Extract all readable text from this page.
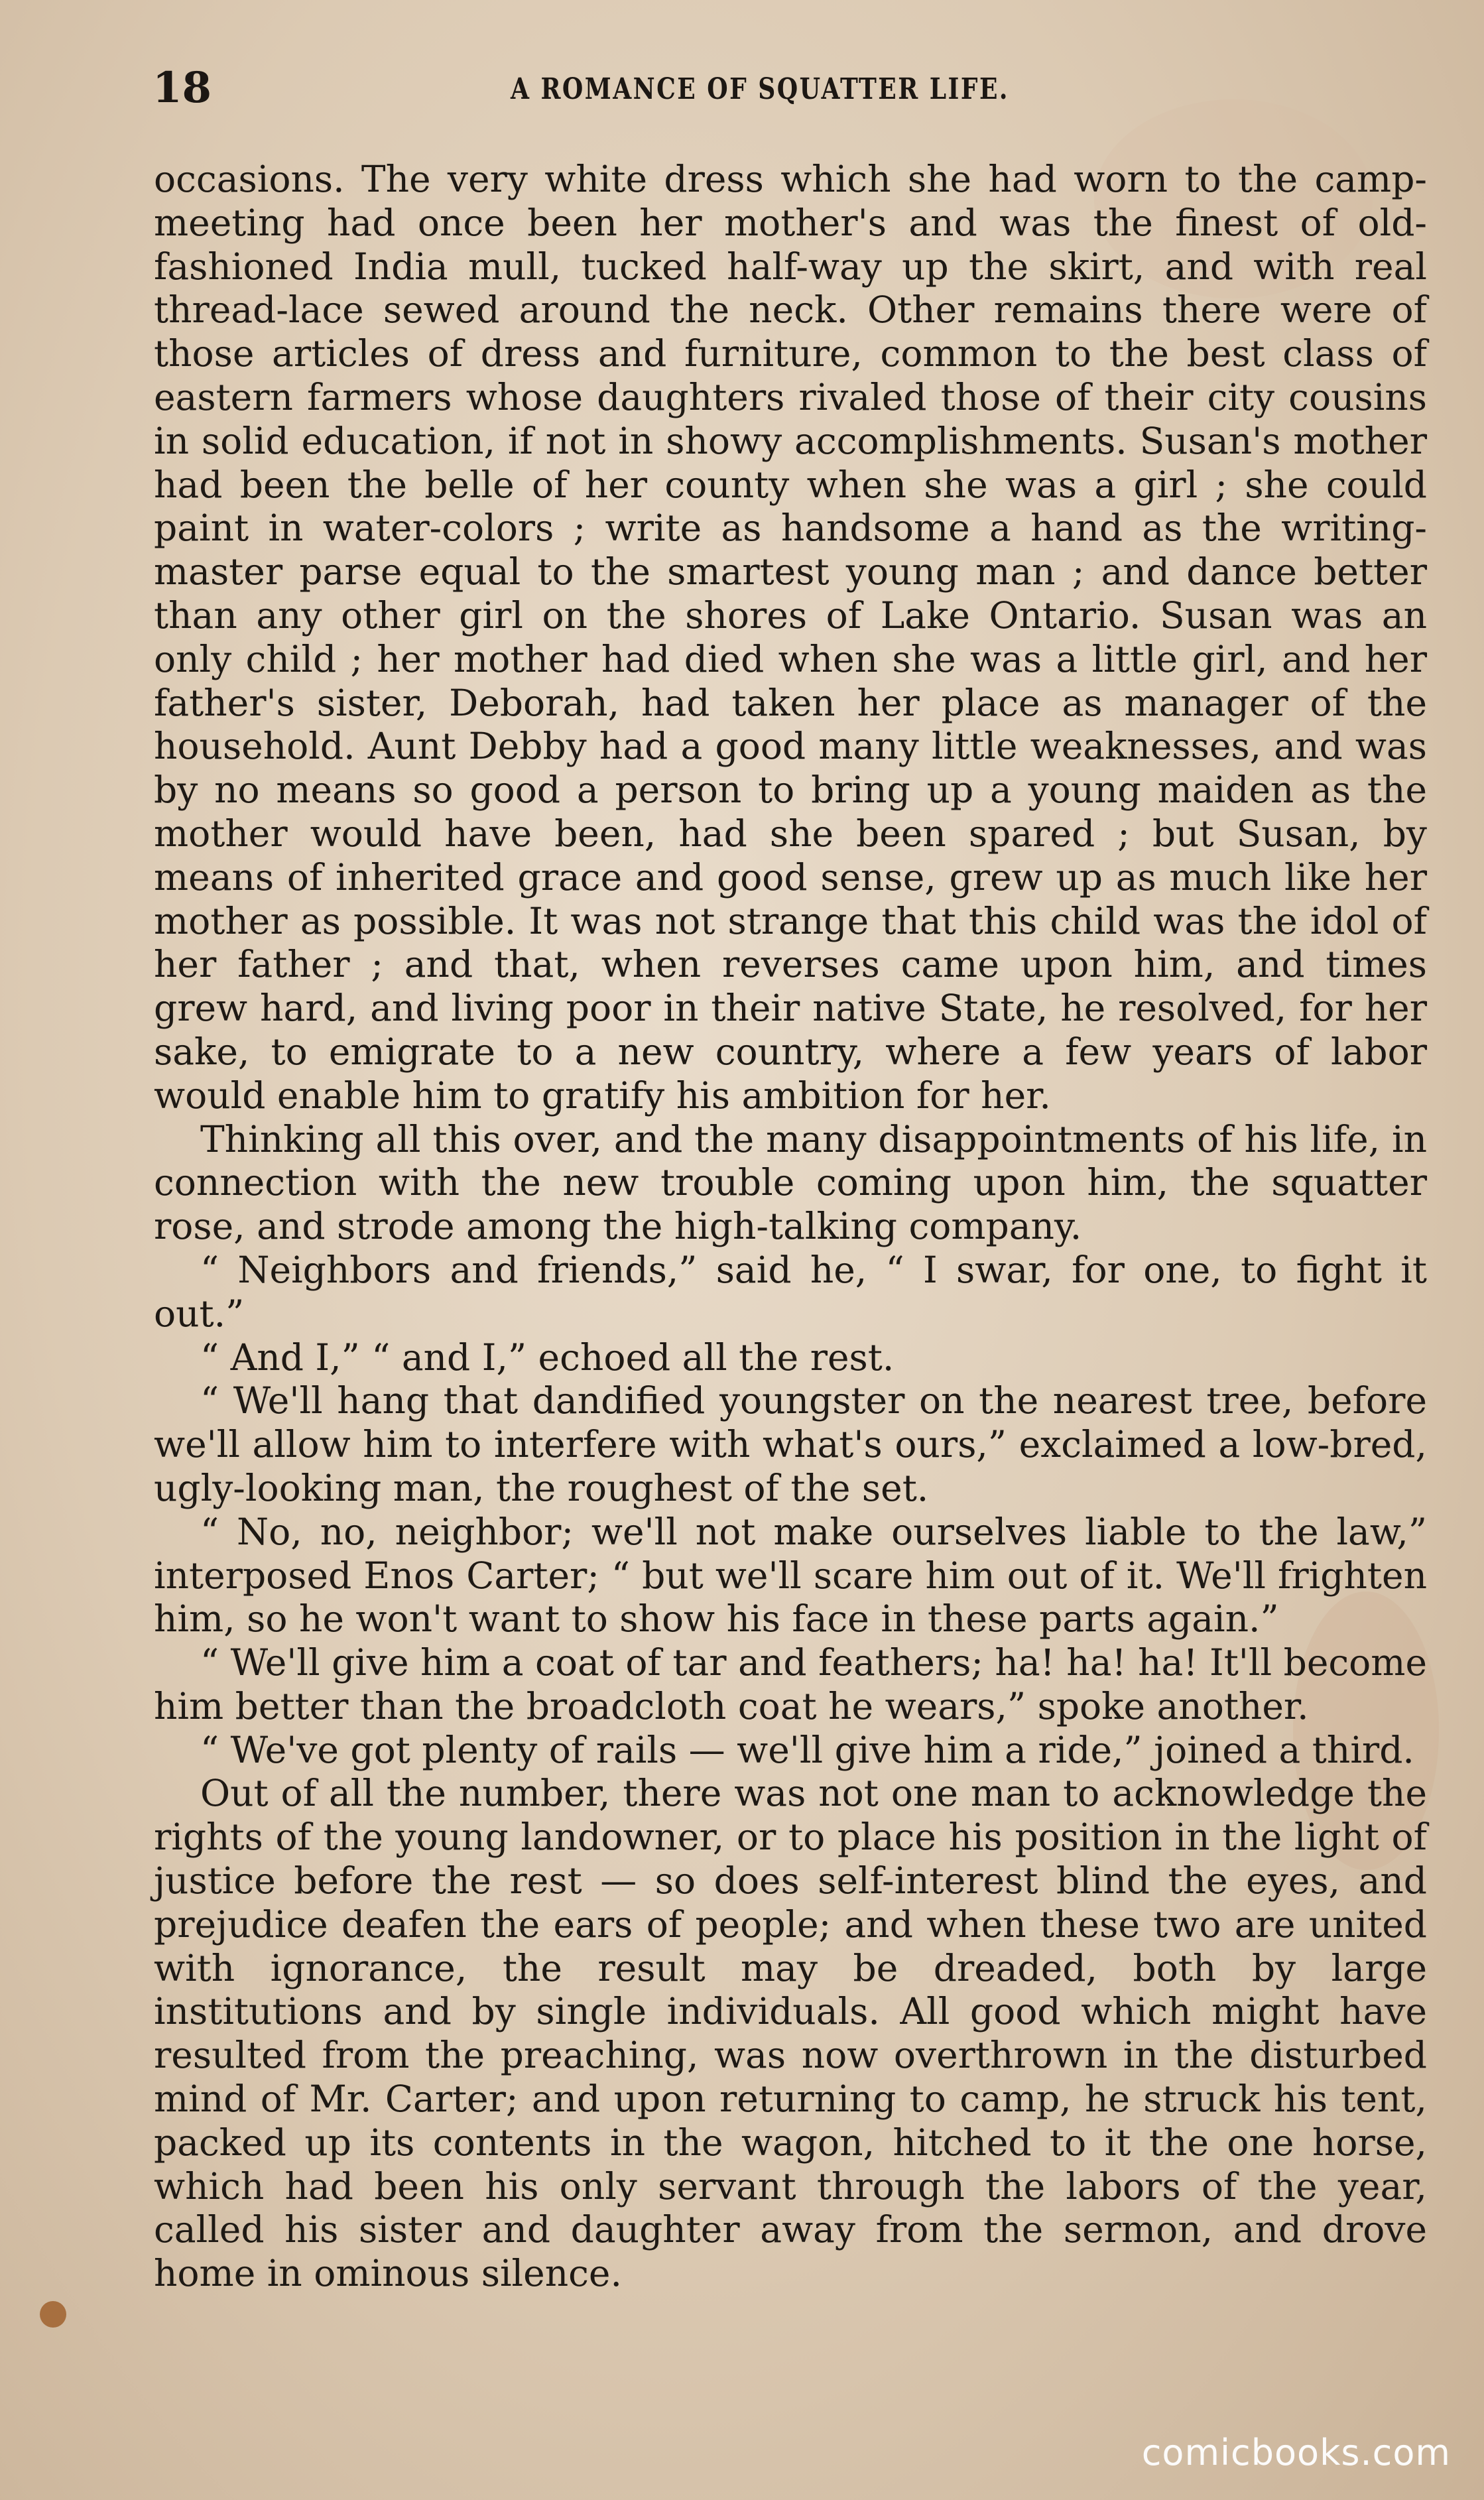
18	A ROMANCE OF SQUATTER LIFE.

occasions. The very white dress which she had worn to the camp-meeting had once been her mother's and was the finest of old-fashioned India mull, tucked half-way up the skirt, and with real thread-lace sewed around the neck. Other remains there were of those articles of dress and furniture, common to the best class of eastern farmers whose daughters rivaled those of their city cousins in solid education, if not in showy accomplishments. Susan's mother had been the belle of her county when she was a girl ; she could paint in water-colors ; write as handsome a hand as the writing-master parse equal to the smartest young man ; and dance better than any other girl on the shores of Lake Ontario. Susan was an only child ; her mother had died when she was a little girl, and her father's sister, Deborah, had taken her place as manager of the household. Aunt Debby had a good many little weaknesses, and was by no means so good a person to bring up a young maiden as the mother would have been, had she been spared ; but Susan, by means of inherited grace and good sense, grew up as much like her mother as possible. It was not strange that this child was the idol of her father ; and that, when reverses came upon him, and times grew hard, and living poor in their native State, he resolved, for her sake, to emigrate to a new country, where a few years of labor would enable him to gratify his ambition for her.

Thinking all this over, and the many disappointments of his life, in connection with the new trouble coming upon him, the squatter rose, and strode among the high-talking company.

“ Neighbors and friends,” said he, “ I swar, for one, to fight it out.”

“ And I,” “ and I,” echoed all the rest.

“ We'll hang that dandified youngster on the nearest tree, before we'll allow him to interfere with what's ours,” exclaimed a low-bred, ugly-looking man, the roughest of the set.

“ No, no, neighbor; we'll not make ourselves liable to the law,” interposed Enos Carter; “ but we'll scare him out of it. We'll frighten him, so he won't want to show his face in these parts again.”

“ We'll give him a coat of tar and feathers; ha! ha! ha! It'll become him better than the broadcloth coat he wears,” spoke another.

“ We've got plenty of rails — we'll give him a ride,” joined a third.

Out of all the number, there was not one man to acknowledge the rights of the young landowner, or to place his position in the light of justice before the rest — so does self-interest blind the eyes, and prejudice deafen the ears of people; and when these two are united with ignorance, the result may be dreaded, both by large institutions and by single individuals. All good which might have resulted from the preaching, was now overthrown in the disturbed mind of Mr. Carter; and upon returning to camp, he struck his tent, packed up its contents in the wagon, hitched to it the one horse, which had been his only servant through the labors of the year, called his sister and daughter away from the sermon, and drove home in ominous silence.

comicbooks.com
